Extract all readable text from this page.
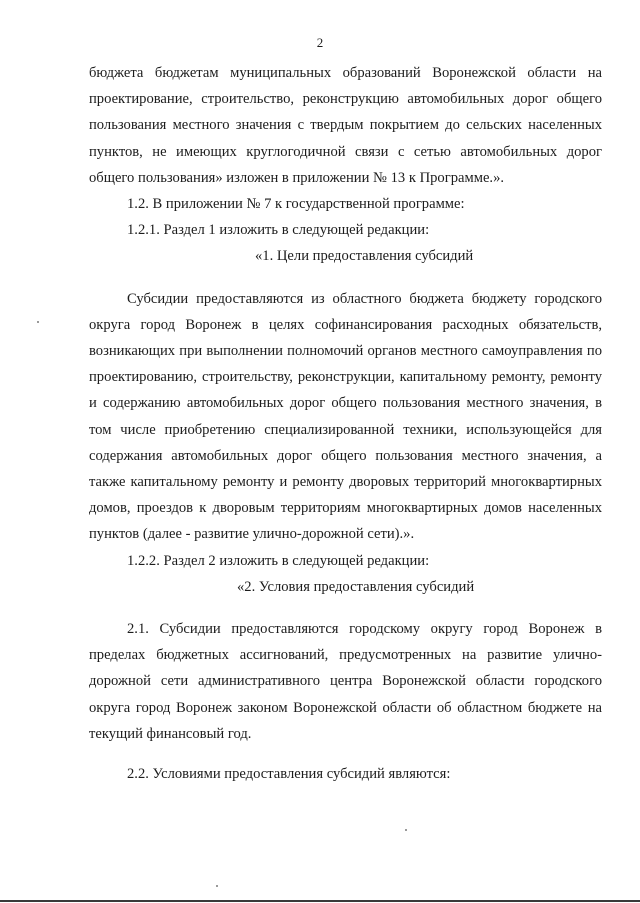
2

бюджета бюджетам муниципальных образований Воронежской области на проектирование, строительство, реконструкцию автомобильных дорог общего пользования местного значения с твердым покрытием до сельских населенных пунктов, не имеющих круглогодичной связи с сетью автомобильных дорог общего пользования» изложен в приложении № 13 к Программе.».

1.2. В приложении № 7 к государственной программе:

1.2.1. Раздел 1 изложить в следующей редакции:

«1. Цели предоставления субсидий

Субсидии предоставляются из областного бюджета бюджету городского округа город Воронеж в целях софинансирования расходных обязательств, возникающих при выполнении полномочий органов местного самоуправления по проектированию, строительству, реконструкции, капитальному ремонту, ремонту и содержанию автомобильных дорог общего пользования местного значения, в том числе приобретению специализированной техники, использующейся для содержания автомобильных дорог общего пользования местного значения, а также капитальному ремонту и ремонту дворовых территорий многоквартирных домов, проездов к дворовым территориям многоквартирных домов населенных пунктов (далее - развитие улично-дорожной сети).».

1.2.2. Раздел 2 изложить в следующей редакции:

«2. Условия предоставления субсидий

2.1. Субсидии предоставляются городскому округу город Воронеж в пределах бюджетных ассигнований, предусмотренных на развитие улично-дорожной сети административного центра Воронежской области городского округа город Воронеж законом Воронежской области об областном бюджете на текущий финансовый год.

2.2. Условиями предоставления субсидий являются:
